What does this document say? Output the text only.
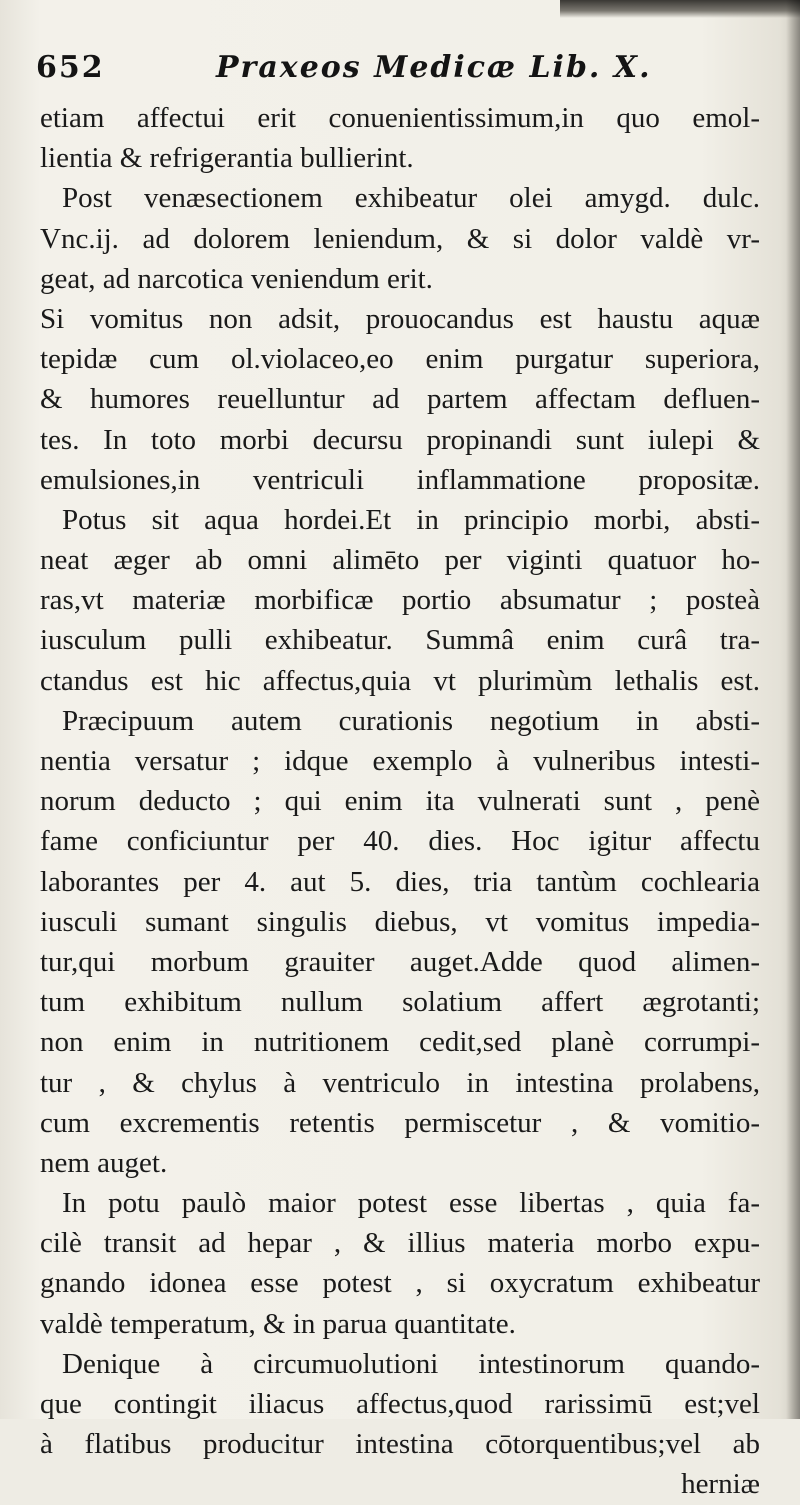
652	Praxeos Medicæ Lib. X.
etiam affectui erit conuenientissimum,in quo emol-
lientia & refrigerantia bullierint.
Post venæsectionem exhibeatur olei amygd. dulc.
Vnc.ij. ad dolorem leniendum, & si dolor valdè vr-
geat, ad narcotica veniendum erit.
Si vomitus non adsit, prouocandus est haustu aquæ
tepidæ cum ol.violaceo,eo enim purgatur superiora,
& humores reuelluntur ad partem affectam defluen-
tes. In toto morbi decursu propinandi sunt iulepi &
emulsiones,in ventriculi inflammatione propositæ.
Potus sit aqua hordei.Et in principio morbi, absti-
neat æger ab omni alimēto per viginti quatuor ho-
ras,vt materiæ morbificæ portio absumatur ; posteà
iusculum pulli exhibeatur. Summâ enim curâ tra-
ctandus est hic affectus,quia vt plurimùm lethalis est.
Præcipuum autem curationis negotium in absti-
nentia versatur ; idque exemplo à vulneribus intesti-
norum deducto ; qui enim ita vulnerati sunt , penè
fame conficiuntur per 40. dies. Hoc igitur affectu
laborantes per 4. aut 5. dies, tria tantùm cochlearia
iusculi sumant singulis diebus, vt vomitus impedia-
tur,qui morbum grauiter auget.Adde quod alimen-
tum exhibitum nullum solatium affert ægrotanti;
non enim in nutritionem cedit,sed planè corrumpi-
tur , & chylus à ventriculo in intestina prolabens,
cum excrementis retentis permiscetur , & vomitio-
nem auget.
In potu paulò maior potest esse libertas , quia fa-
cilè transit ad hepar , & illius materia morbo expu-
gnando idonea esse potest , si oxycratum exhibeatur
valdè temperatum, & in parua quantitate.
Denique à circumuolutioni intestinorum quando-
que contingit iliacus affectus,quod rarissimū est;vel
à flatibus producitur intestina cōtorquentibus;vel ab
herniæ
